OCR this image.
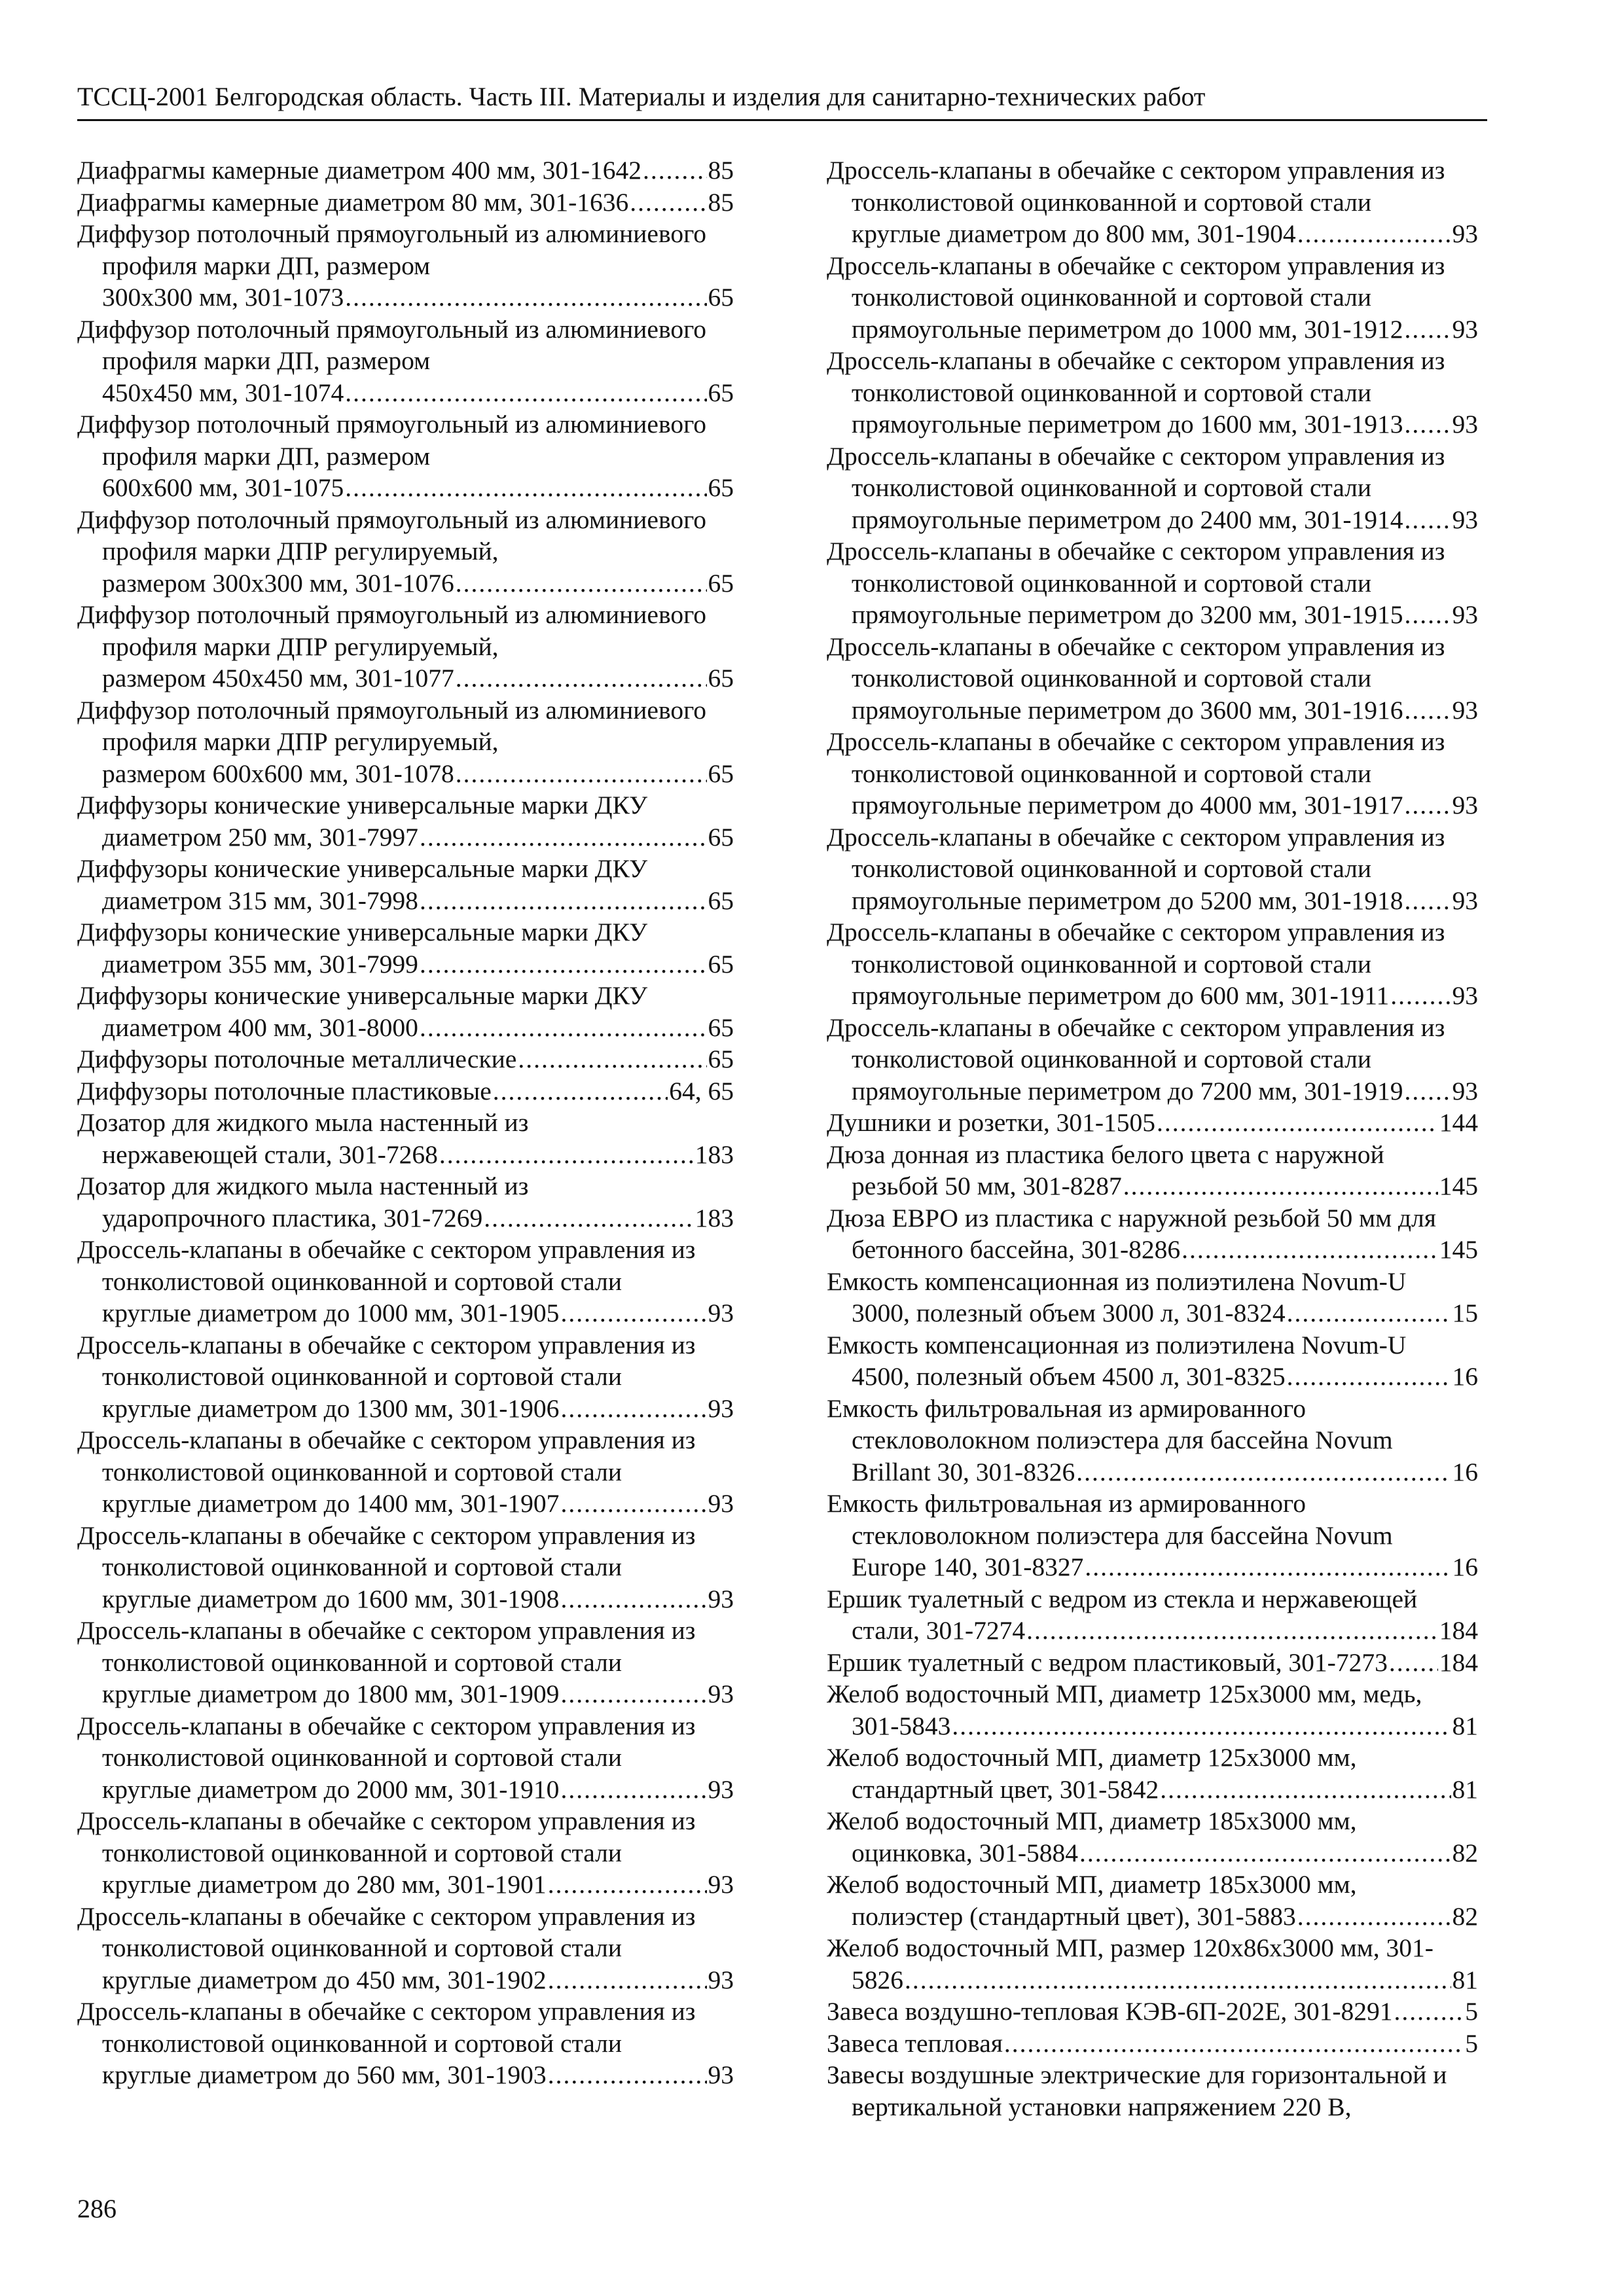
ТССЦ-2001 Белгородская область. Часть III. Материалы и изделия для санитарно-технических работ
Диафрагмы камерные диаметром 400 мм, 301-1642 .....	85
Диафрагмы камерные диаметром 80 мм, 301-1636 .....	85
Диффузор потолочный прямоугольный из алюминиевого профиля марки ДП, размером
300x300 мм, 301-1073 .....	65
Диффузор потолочный прямоугольный из алюминиевого профиля марки ДП, размером
450x450 мм, 301-1074 .....	65
Диффузор потолочный прямоугольный из алюминиевого профиля марки ДП, размером
600x600 мм, 301-1075 .....	65
Диффузор потолочный прямоугольный из алюминиевого профиля марки ДПР регулируемый,
размером 300x300 мм, 301-1076 .....	65
Диффузор потолочный прямоугольный из алюминиевого профиля марки ДПР регулируемый,
размером 450x450 мм, 301-1077 .....	65
Диффузор потолочный прямоугольный из алюминиевого профиля марки ДПР регулируемый,
размером 600x600 мм, 301-1078 .....	65
Диффузоры конические универсальные марки ДКУ
диаметром 250 мм, 301-7997 .....	65
Диффузоры конические универсальные марки ДКУ
диаметром 315 мм, 301-7998 .....	65
Диффузоры конические универсальные марки ДКУ
диаметром 355 мм, 301-7999 .....	65
Диффузоры конические универсальные марки ДКУ
диаметром 400 мм, 301-8000 .....	65
Диффузоры потолочные металлические .....	65
Диффузоры потолочные пластиковые .....	64, 65
Дозатор для жидкого мыла настенный из
нержавеющей стали, 301-7268 .....	183
Дозатор для жидкого мыла настенный из
ударопрочного пластика, 301-7269 .....	183
Дроссель-клапаны в обечайке с сектором управления из тонколистовой оцинкованной и сортовой стали
круглые диаметром до 1000 мм, 301-1905 .....	93
Дроссель-клапаны в обечайке с сектором управления из тонколистовой оцинкованной и сортовой стали
круглые диаметром до 1300 мм, 301-1906 .....	93
Дроссель-клапаны в обечайке с сектором управления из тонколистовой оцинкованной и сортовой стали
круглые диаметром до 1400 мм, 301-1907 .....	93
Дроссель-клапаны в обечайке с сектором управления из тонколистовой оцинкованной и сортовой стали
круглые диаметром до 1600 мм, 301-1908 .....	93
Дроссель-клапаны в обечайке с сектором управления из тонколистовой оцинкованной и сортовой стали
круглые диаметром до 1800 мм, 301-1909 .....	93
Дроссель-клапаны в обечайке с сектором управления из тонколистовой оцинкованной и сортовой стали
круглые диаметром до 2000 мм, 301-1910 .....	93
Дроссель-клапаны в обечайке с сектором управления из тонколистовой оцинкованной и сортовой стали
круглые диаметром до 280 мм, 301-1901 .....	93
Дроссель-клапаны в обечайке с сектором управления из тонколистовой оцинкованной и сортовой стали
круглые диаметром до 450 мм, 301-1902 .....	93
Дроссель-клапаны в обечайке с сектором управления из тонколистовой оцинкованной и сортовой стали
круглые диаметром до 560 мм, 301-1903 .....	93
Дроссель-клапаны в обечайке с сектором управления из тонколистовой оцинкованной и сортовой стали
круглые диаметром до 800 мм, 301-1904 .....	93
Дроссель-клапаны в обечайке с сектором управления из тонколистовой оцинкованной и сортовой стали
прямоугольные периметром до 1000 мм, 301-1912 ..... 93
Дроссель-клапаны в обечайке с сектором управления из тонколистовой оцинкованной и сортовой стали
прямоугольные периметром до 1600 мм, 301-1913 ..... 93
Дроссель-клапаны в обечайке с сектором управления из тонколистовой оцинкованной и сортовой стали
прямоугольные периметром до 2400 мм, 301-1914 ..... 93
Дроссель-клапаны в обечайке с сектором управления из тонколистовой оцинкованной и сортовой стали
прямоугольные периметром до 3200 мм, 301-1915 ..... 93
Дроссель-клапаны в обечайке с сектором управления из тонколистовой оцинкованной и сортовой стали
прямоугольные периметром до 3600 мм, 301-1916 ..... 93
Дроссель-клапаны в обечайке с сектором управления из тонколистовой оцинкованной и сортовой стали
прямоугольные периметром до 4000 мм, 301-1917 ..... 93
Дроссель-клапаны в обечайке с сектором управления из тонколистовой оцинкованной и сортовой стали
прямоугольные периметром до 5200 мм, 301-1918 ..... 93
Дроссель-клапаны в обечайке с сектором управления из тонколистовой оцинкованной и сортовой стали
прямоугольные периметром до 600 мм, 301-1911 ..... 93
Дроссель-клапаны в обечайке с сектором управления из тонколистовой оцинкованной и сортовой стали
прямоугольные периметром до 7200 мм, 301-1919 ..... 93
Душники и розетки, 301-1505 .....	144
Дюза донная из пластика белого цвета с наружной
резьбой 50 мм, 301-8287 .....	145
Дюза ЕВРО из пластика с наружной резьбой 50 мм для
бетонного бассейна, 301-8286 .....	145
Емкость компенсационная из полиэтилена Novum-U
3000, полезный объем 3000 л, 301-8324 .....	15
Емкость компенсационная из полиэтилена Novum-U
4500, полезный объем 4500 л, 301-8325 .....	16
Емкость фильтровальная из армированного стекловолокном полиэстера для бассейна Novum
Brillant 30, 301-8326 .....	16
Емкость фильтровальная из армированного стекловолокном полиэстера для бассейна Novum
Europe 140, 301-8327 .....	16
Ершик туалетный с ведром из стекла и нержавеющей
стали, 301-7274 .....	184
Ершик туалетный с ведром пластиковый, 301-7273 ..... 184
Желоб водосточный МП, диаметр 125x3000 мм, медь,
301-5843 .....	81
Желоб водосточный МП, диаметр 125x3000 мм,
стандартный цвет, 301-5842 .....	81
Желоб водосточный МП, диаметр 185x3000 мм,
оцинковка, 301-5884 .....	82
Желоб водосточный МП, диаметр 185x3000 мм,
полиэстер (стандартный цвет), 301-5883 .....	82
Желоб водосточный МП, размер 120x86x3000 мм, 301-
5826 .....	81
Завеса воздушно-тепловая КЭВ-6П-202Е, 301-8291 .....	5
Завеса тепловая .....	5
Завесы воздушные электрические для горизонтальной и вертикальной установки напряжением 220 В,
286
